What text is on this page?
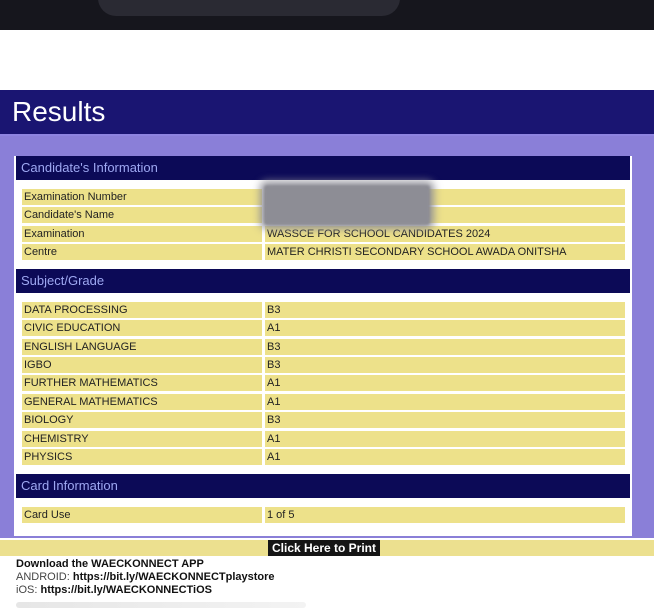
Results
Candidate's Information
Examination Number
Candidate's Name
Examination	WASSCE FOR SCHOOL CANDIDATES 2024
Centre	MATER CHRISTI SECONDARY SCHOOL AWADA ONITSHA
Subject/Grade
DATA PROCESSING	B3
CIVIC EDUCATION	A1
ENGLISH LANGUAGE	B3
IGBO	B3
FURTHER MATHEMATICS	A1
GENERAL MATHEMATICS	A1
BIOLOGY	B3
CHEMISTRY	A1
PHYSICS	A1
Card Information
Card Use	1 of 5
Click Here to Print
Download the WAECKONNECT APP
ANDROID: https://bit.ly/WAECKONNECTplaystore
iOS: https://bit.ly/WAECKONNECTiOS
